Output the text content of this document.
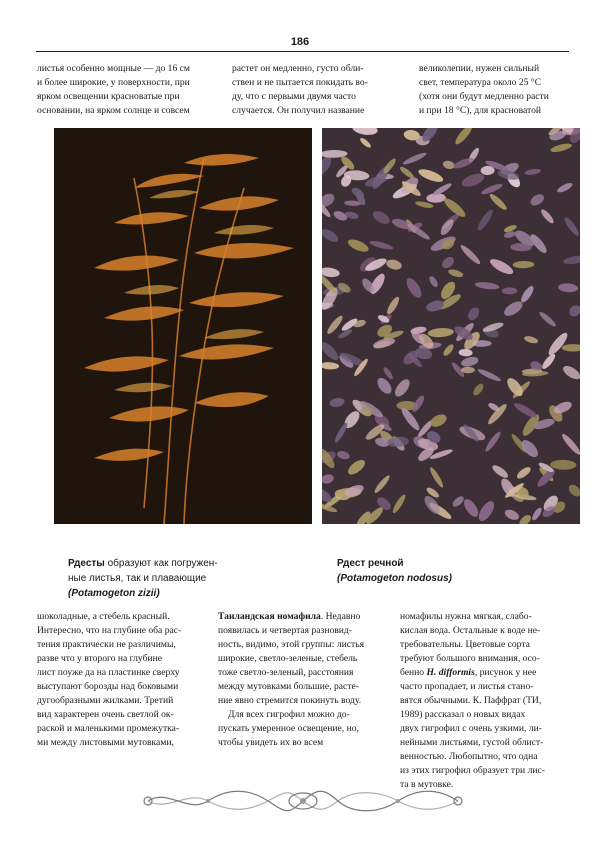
186

листья особенно мощные — до 16 см

и более широкие, у поверхности, при

ярком освещении красноватые при

основании, на ярком солнце и совсем

растет он медленно, густо обли-

ствен и не пытается покидать во-

ду, что с первыми двумя часто

случается. Он получил название

великолепии, нужен сильный

свет, температура около 25 °С

(хотя они будут медленно расти

и при 18 °С), для красноватой

Рдесты образуют как погружен-
ные листья, так и плавающие
(Potamogeton zizii)
Рдест речной
(Potamogeton nodosus)

шоколадные, а стебель красный.

Интересно, что на глубине оба рас-

тения практически не различимы,

разве что у второго на глубине

лист поуже да на пластинке сверху

выступают борозды над боковыми

дугообразными жилками. Третий

вид характерен очень светлой ок-

раской и маленькими промежутка-

ми между листовыми мутовками,

Таиландская номафила. Недавно

появилась и четвертая разновид-

ность, видимо, этой группы: листья

широкие, светло-зеленые, стебель

тоже светло-зеленый, расстояния

между мутовками большие, расте-

ние явно стремится покинуть воду.

Для всех гигрофил можно до-

пускать умеренное освещение, но,

чтобы увидеть их во всем

номафилы нужна мягкая, слабо-

кислая вода. Остальные к воде не-

требовательны. Цветовые сорта

требуют большого внимания, осо-

бенно H. difformis, рисунок у нее

часто пропадает, и листья стано-

вятся обычными. К. Паффрат (ТИ,

1989) рассказал о новых видах

двух гигрофил с очень узкими, ли-

нейными листьями, густой облист-

венностью. Любопытно, что одна

из этих гигрофил образует три лис-

та в мутовке.
